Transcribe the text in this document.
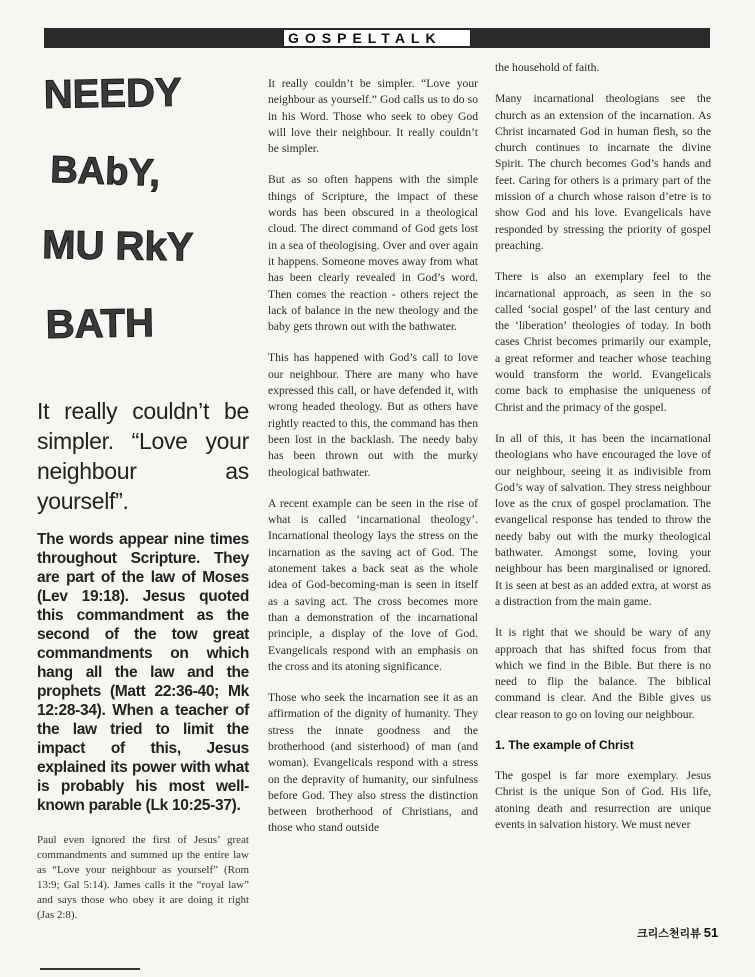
GOSPELTALK
NEEDY
BAbY,
MU RkY
BATH

It really couldn’t be simpler. “Love your neighbour as yourself”.

The words appear nine times throughout Scripture. They are part of the law of Moses (Lev 19:18). Jesus quoted this commandment as the second of the tow great commandments on which hang all the law and the prophets (Matt 22:36-40; Mk 12:28-34). When a teacher of the law tried to limit the impact of this, Jesus explained its power with what is probably his most well-known parable (Lk 10:25-37).

Paul even ignored the first of Jesus’ great commandments and summed up the entire law as “Love your neighbour as yourself” (Rom 13:9; Gal 5:14). James calls it the “royal law” and says those who obey it are doing it right (Jas 2:8).

It really couldn’t be simpler. “Love your neighbour as yourself.” God calls us to do so in his Word. Those who seek to obey God will love their neighbour. It really couldn’t be simpler.

But as so often happens with the simple things of Scripture, the impact of these words has been obscured in a theological cloud. The direct command of God gets lost in a sea of theologising. Over and over again it happens. Someone moves away from what has been clearly revealed in God’s word. Then comes the reaction - others reject the lack of balance in the new theology and the baby gets thrown out with the bathwater.

This has happened with God’s call to love our neighbour. There are many who have expressed this call, or have defended it, with wrong headed theology. But as others have rightly reacted to this, the command has then been lost in the backlash. The needy baby has been thrown out with the murky theological bathwater.

A recent example can be seen in the rise of what is called ‘incarnational theology’. Incarnational theology lays the stress on the incarnation as the saving act of God. The atonement takes a back seat as the whole idea of God-becoming-man is seen in itself as a saving act. The cross becomes more than a demonstration of the incarnational principle, a display of the love of God. Evangelicals respond with an emphasis on the cross and its atoning significance.

Those who seek the incarnation see it as an affirmation of the dignity of humanity. They stress the innate goodness and the brotherhood (and sisterhood) of man (and woman). Evangelicals respond with a stress on the depravity of humanity, our sinfulness before God. They also stress the distinction between brotherhood of Christians, and those who stand outside

the household of faith.

Many incarnational theologians see the church as an extension of the incarnation. As Christ incarnated God in human flesh, so the church continues to incarnate the divine Spirit. The church becomes God’s hands and feet. Caring for others is a primary part of the mission of a church whose raison d’etre is to show God and his love. Evangelicals have responded by stressing the priority of gospel preaching.

There is also an exemplary feel to the incarnational approach, as seen in the so called ‘social gospel’ of the last century and the ‘liberation’ theologies of today. In both cases Christ becomes primarily our example, a great reformer and teacher whose teaching would transform the world. Evangelicals come back to emphasise the uniqueness of Christ and the primacy of the gospel.

In all of this, it has been the incarnational theologians who have encouraged the love of our neighbour, seeing it as indivisible from God’s way of salvation. They stress neighbour love as the crux of gospel proclamation. The evangelical response has tended to throw the needy baby out with the murky theological bathwater. Amongst some, loving your neighbour has been marginalised or ignored. It is seen at best as an added extra, at worst as a distraction from the main game.

It is right that we should be wary of any approach that has shifted focus from that which we find in the Bible. But there is no need to flip the balance. The biblical command is clear. And the Bible gives us clear reason to go on loving our neighbour.

1. The example of Christ

The gospel is far more exemplary. Jesus Christ is the unique Son of God. His life, atoning death and resurrection are unique events in salvation history. We must never

크리스천리뷰 51
